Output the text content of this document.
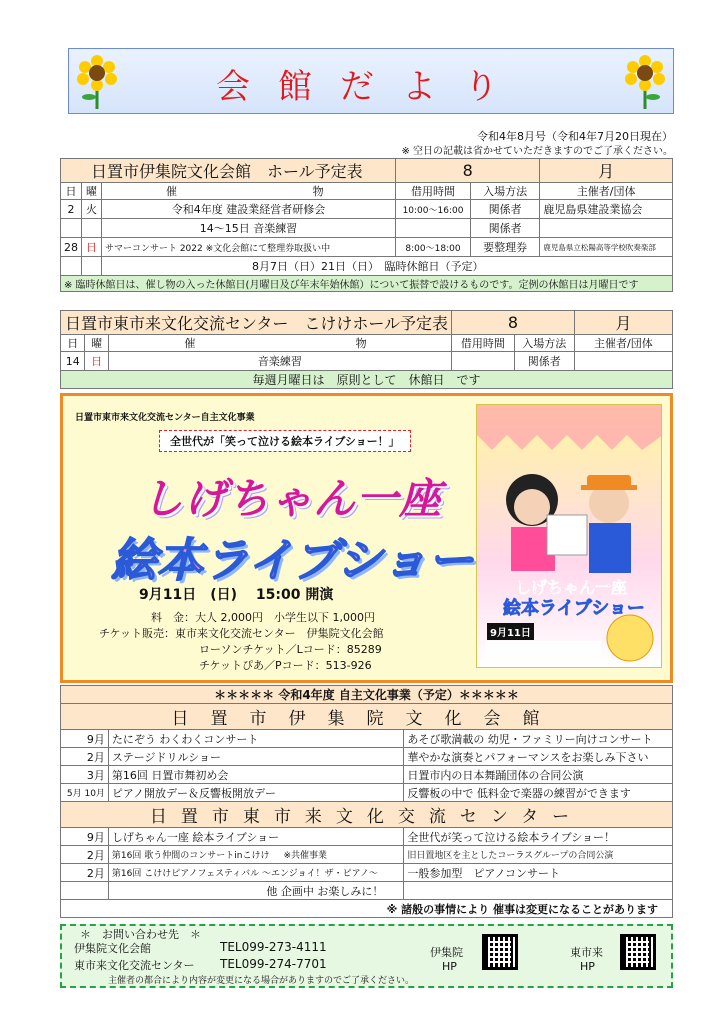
会館だより
令和4年8月号（令和4年7月20日現在）
※ 空日の記載は省かせていただきますのでご了承ください。
日置市伊集院文化会館　ホール予定表				8		月
日	曜	催	物	借用時間	入場方法	主催者/団体
2	火	令和4年度 建設業経営者研修会		10:00～16:00	関係者	鹿児島県建設業協会
		14～15日 音楽練習			関係者	
28	日	サマーコンサート 2022 ※文化会館にて整理券取扱い中		8:00～18:00	要整理券	鹿児島県立松陽高等学校吹奏楽部
		8月7日（日）21日（日）　臨時休館日（予定）				
※ 臨時休館日は、催し物の入った休館日(月曜日及び年末年始休館）について振替で設けるものです。定例の休館日は月曜日です						
日置市東市来文化交流センター　こけけホール予定表				8		月
日	曜	催	物	借用時間	入場方法	主催者/団体
14	日	音楽練習			関係者	
毎週月曜日は　原則として　休館日　です						
日置市東市来文化交流センター自主文化事業
全世代が「笑って泣ける絵本ライブショー！」
しげちゃん一座
絵本ライブショー
9月11日　(日)　 15:00 開演
料　金：大人 2,000円　小学生以下 1,000円
チケット販売：東市来文化交流センター　伊集院文化会館
ローソンチケット／Lコード：85289
チケットぴあ／Pコード：513-926
しげちゃん一座
絵本ライブショー
9月11日
＊＊＊＊＊ 令和4年度 自主文化事業（予定）＊＊＊＊＊		
日置市伊集院文化会館		
9月	たにぞう わくわくコンサート	あそび歌満載の 幼児・ファミリー向けコンサート
2月	ステージドリルショー	華やかな演奏とパフォーマンスをお楽しみ下さい
3月	第16回 日置市舞初め会	日置市内の日本舞踊団体の合同公演
5月 10月	ピアノ開放デー＆反響板開放デー	反響板の中で 低料金で楽器の練習ができます
日置市東市来文化交流センター		
9月	しげちゃん一座 絵本ライブショー	全世代が笑って泣ける絵本ライブショー！
2月	第16回 歌う仲間のコンサートinこけけ ※共催事業	旧日置地区を主としたコーラスグループの合同公演
2月	第16回 こけけピアノフェスティバル ～エンジョイ！ザ・ピアノ～	一般参加型　ピアノコンサート
	他 企画中 お楽しみに！	
※ 諸般の事情により 催事は変更になることがあります		
＊　お問い合わせ先　＊
伊集院文化会館	TEL099-273-4111
東市来文化交流センター TEL099-274-7701
主催者の都合により内容が変更になる場合がありますのでご了承ください。
伊集院
HP
東市来
HP
